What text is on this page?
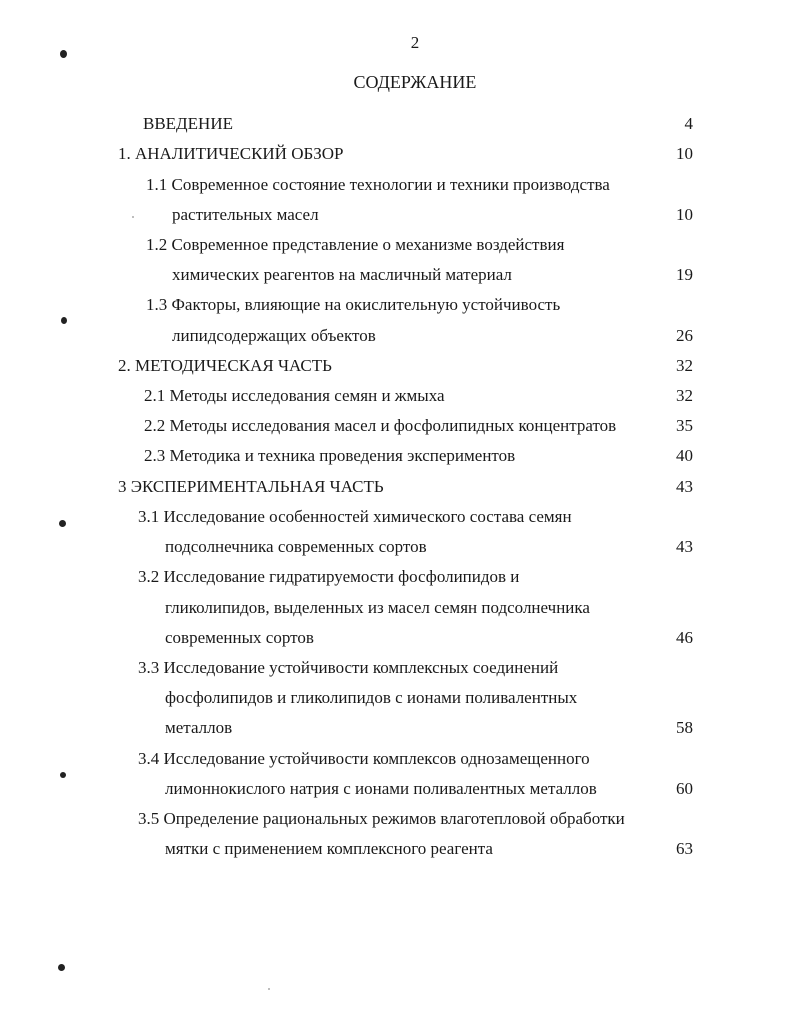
2
СОДЕРЖАНИЕ
ВВЕДЕНИЕ	4
1. АНАЛИТИЧЕСКИЙ ОБЗОР	10
1.1 Современное состояние технологии и техники производства
растительных масел	10
1.2 Современное представление о механизме воздействия
химических реагентов на масличный материал	19
1.3 Факторы, влияющие на окислительную устойчивость
липидсодержащих объектов	26
2. МЕТОДИЧЕСКАЯ ЧАСТЬ	32
2.1 Методы исследования семян и жмыха	32
2.2 Методы исследования масел и фосфолипидных концентратов	35
2.3 Методика и техника проведения экспериментов	40
3 ЭКСПЕРИМЕНТАЛЬНАЯ ЧАСТЬ	43
3.1 Исследование особенностей химического состава семян
подсолнечника современных сортов	43
3.2 Исследование гидратируемости фосфолипидов и
гликолипидов, выделенных из масел семян подсолнечника
современных сортов	46
3.3 Исследование устойчивости комплексных соединений
фосфолипидов и гликолипидов с ионами поливалентных
металлов	58
3.4 Исследование устойчивости комплексов однозамещенного
лимоннокислого натрия с ионами поливалентных металлов	60
3.5 Определение рациональных режимов влаготепловой обработки
мятки с применением комплексного реагента	63
